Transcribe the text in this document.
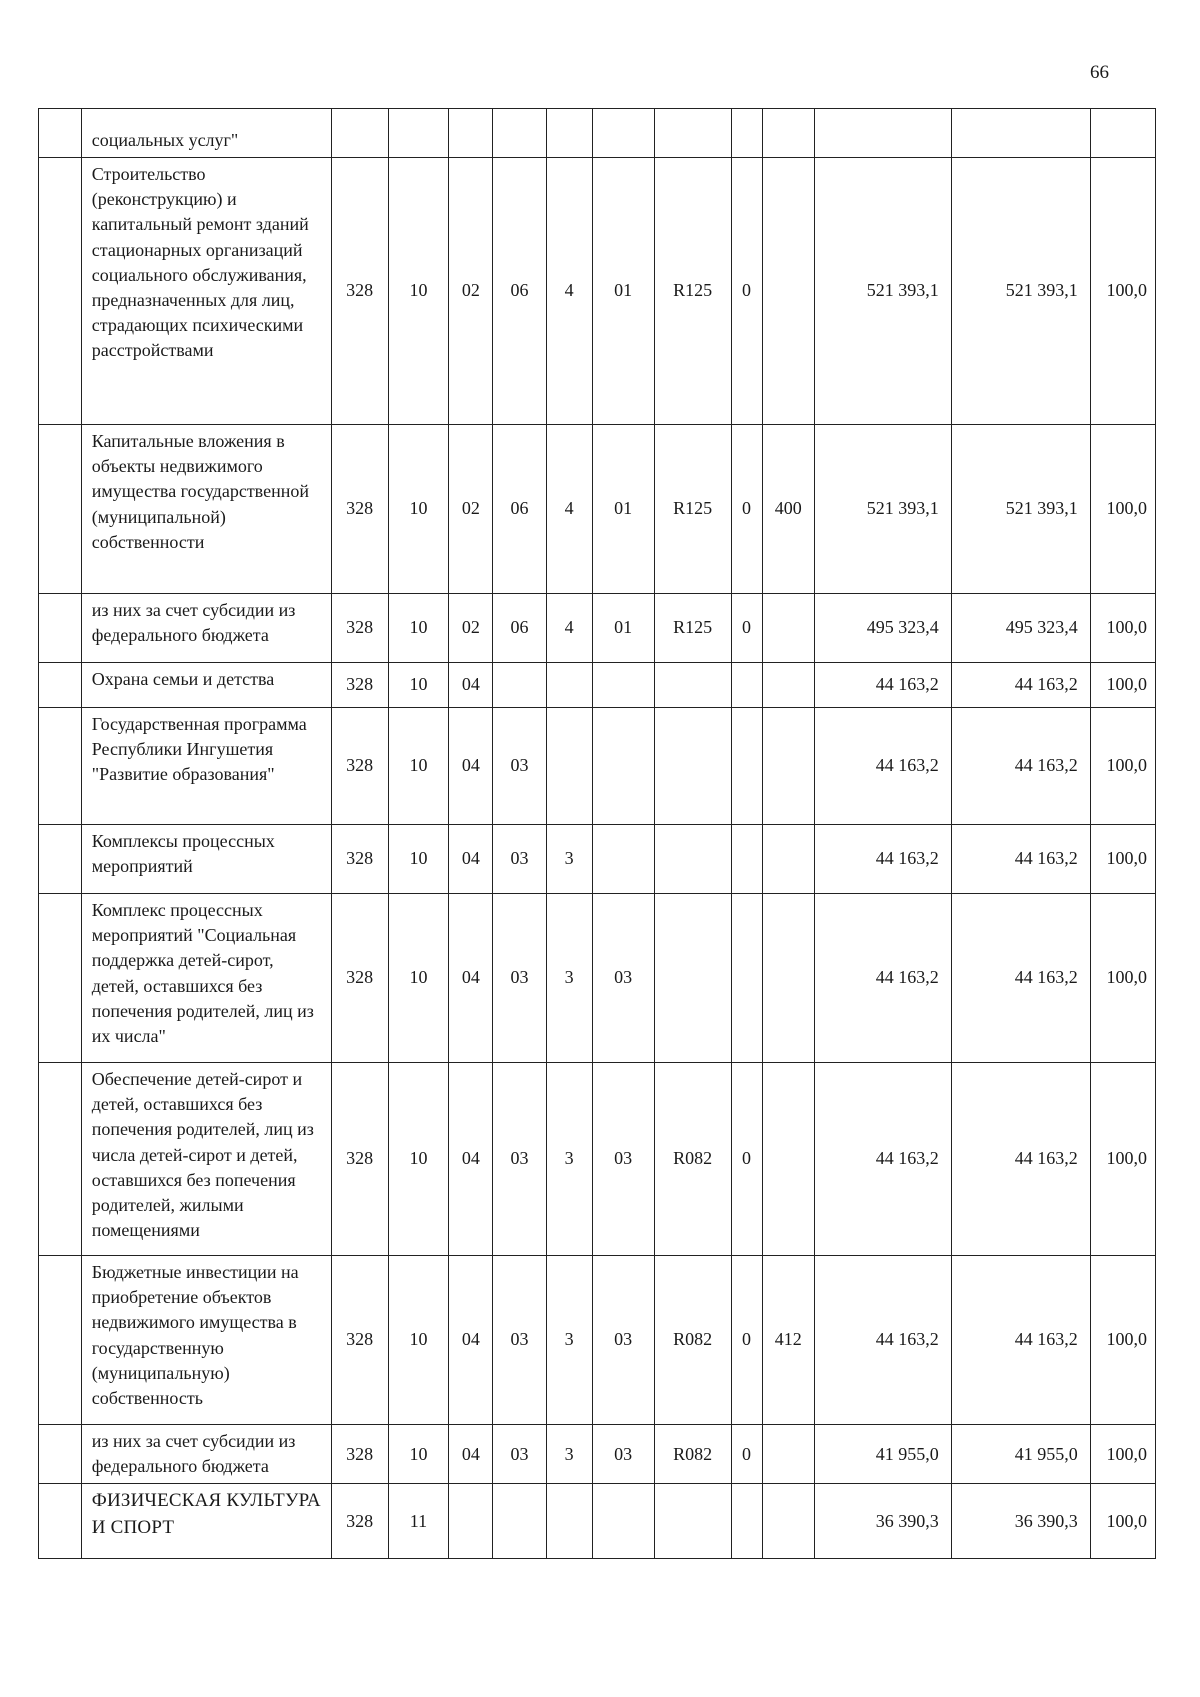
66
	социальных услуг"												
	Строительство (реконструкцию) и капитальный ремонт зданий стационарных организаций социального обслуживания, предназначенных для лиц, страдающих психическими расстройствами	328	10	02	06	4	01	R125	0		521 393,1	521 393,1	100,0
	Капитальные вложения в объекты недвижимого имущества государственной (муниципальной) собственности	328	10	02	06	4	01	R125	0	400	521 393,1	521 393,1	100,0
	из них за счет субсидии из федерального бюджета	328	10	02	06	4	01	R125	0		495 323,4	495 323,4	100,0
	Охрана семьи и детства	328	10	04							44 163,2	44 163,2	100,0
	Государственная программа Республики Ингушетия "Развитие образования"	328	10	04	03						44 163,2	44 163,2	100,0
	Комплексы процессных мероприятий	328	10	04	03	3					44 163,2	44 163,2	100,0
	Комплекс процессных мероприятий "Социальная поддержка детей-сирот, детей, оставшихся без попечения родителей, лиц из их числа"	328	10	04	03	3	03				44 163,2	44 163,2	100,0
	Обеспечение детей-сирот и детей, оставшихся без попечения родителей, лиц из числа детей-сирот и детей, оставшихся без попечения родителей, жилыми помещениями	328	10	04	03	3	03	R082	0		44 163,2	44 163,2	100,0
	Бюджетные инвестиции на приобретение объектов недвижимого имущества в государственную (муниципальную) собственность	328	10	04	03	3	03	R082	0	412	44 163,2	44 163,2	100,0
	из них за счет субсидии из федерального бюджета	328	10	04	03	3	03	R082	0		41 955,0	41 955,0	100,0
	ФИЗИЧЕСКАЯ КУЛЬТУРА И СПОРТ	328	11								36 390,3	36 390,3	100,0
